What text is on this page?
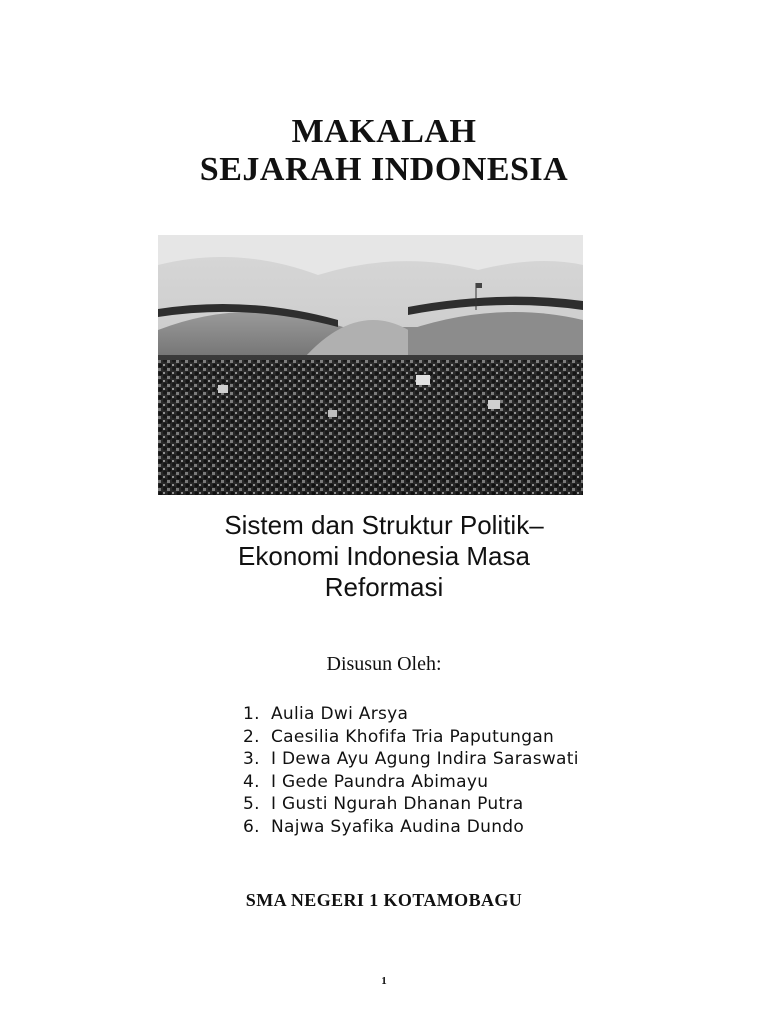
MAKALAH
SEJARAH INDONESIA
Sistem dan Struktur Politik–
Ekonomi Indonesia Masa
Reformasi
Disusun Oleh:
1. Aulia Dwi Arsya
2. Caesilia Khofifa Tria Paputungan
3. I Dewa Ayu Agung Indira Saraswati
4. I Gede Paundra Abimayu
5. I Gusti Ngurah Dhanan Putra
6. Najwa Syafika Audina Dundo
SMA NEGERI 1 KOTAMOBAGU
1
